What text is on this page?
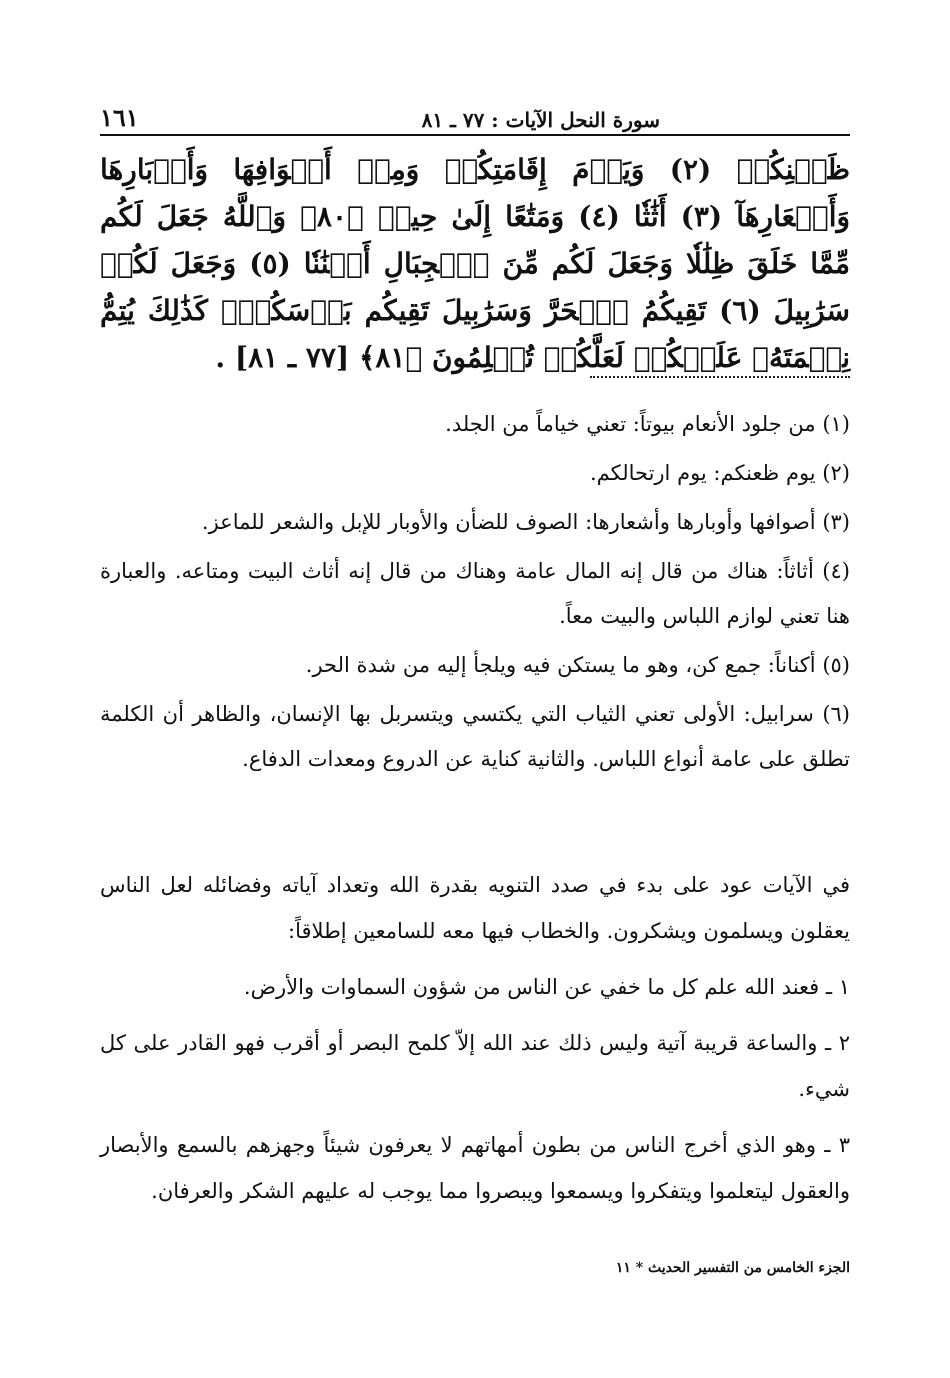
سورة النحل الآيات : ٧٧ ـ ٨١
١٦١
ظَعۡنِكُمۡ (٢) وَيَوۡمَ إِقَامَتِكُمۡ وَمِنۡ أَصۡوَافِهَا وَأَوۡبَارِهَا وَأَشۡعَارِهَآ (٣) أَثَٰثٗا (٤) وَمَتَٰعًا إِلَىٰ حِينٖ ﴿٨٠﴾ وَٱللَّهُ جَعَلَ لَكُم مِّمَّا خَلَقَ ظِلَٰلٗا وَجَعَلَ لَكُم مِّنَ ٱلۡجِبَالِ أَكۡنَٰنٗا (٥) وَجَعَلَ لَكُمۡ سَرَٰبِيلَ (٦) تَقِيكُمُ ٱلۡحَرَّ وَسَرَٰبِيلَ تَقِيكُم بَأۡسَكُمۡۚ كَذَٰلِكَ يُتِمُّ نِعۡمَتَهُۥ عَلَيۡكُمۡ لَعَلَّكُمۡ تُسۡلِمُونَ ﴿٨١﴾ [٧٧ ـ ٨١] .

(١) من جلود الأنعام بيوتاً: تعني خياماً من الجلد.

(٢) يوم ظعنكم: يوم ارتحالكم.

(٣) أصوافها وأوبارها وأشعارها: الصوف للضأن والأوبار للإبل والشعر للماعز.

(٤) أثاثاً: هناك من قال إنه المال عامة وهناك من قال إنه أثاث البيت ومتاعه. والعبارة هنا تعني لوازم اللباس والبيت معاً.

(٥) أكناناً: جمع كن، وهو ما يستكن فيه ويلجأ إليه من شدة الحر.

(٦) سرابيل: الأولى تعني الثياب التي يكتسي ويتسربل بها الإنسان، والظاهر أن الكلمة تطلق على عامة أنواع اللباس. والثانية كناية عن الدروع ومعدات الدفاع.

في الآيات عود على بدء في صدد التنويه بقدرة الله وتعداد آياته وفضائله لعل الناس يعقلون ويسلمون ويشكرون. والخطاب فيها معه للسامعين إطلاقاً:

١ ـ فعند الله علم كل ما خفي عن الناس من شؤون السماوات والأرض.

٢ ـ والساعة قريبة آتية وليس ذلك عند الله إلاّ كلمح البصر أو أقرب فهو القادر على كل شيء.

٣ ـ وهو الذي أخرج الناس من بطون أمهاتهم لا يعرفون شيئاً وجهزهم بالسمع والأبصار والعقول ليتعلموا ويتفكروا ويسمعوا ويبصروا مما يوجب له عليهم الشكر والعرفان.

الجزء الخامس من التفسير الحديث * ١١
